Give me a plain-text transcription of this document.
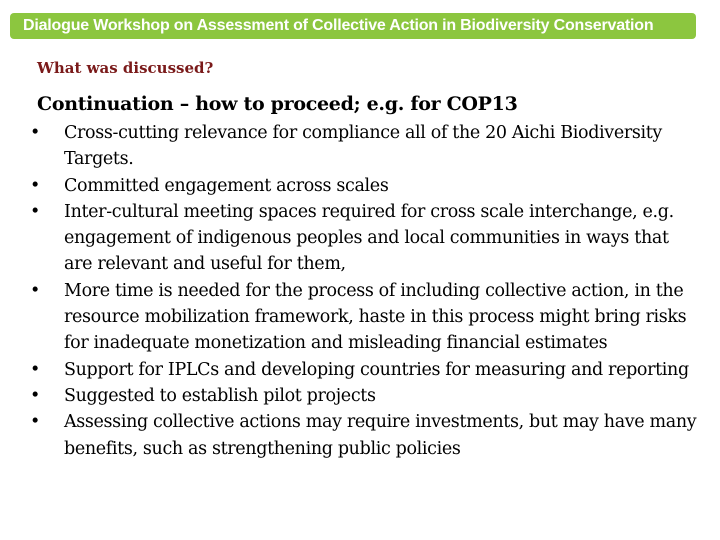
Dialogue Workshop on Assessment of Collective Action in Biodiversity Conservation
What was discussed?
Continuation – how to proceed; e.g. for COP13
• Cross-cutting relevance for compliance all of the 20 Aichi Biodiversity Targets.
• Committed engagement across scales
• Inter-cultural meeting spaces required for cross scale interchange, e.g. engagement of indigenous peoples and local communities in ways that are relevant and useful for them,
• More time is needed for the process of including collective action, in the resource mobilization framework, haste in this process might bring risks for inadequate monetization and misleading financial estimates
• Support for IPLCs and developing countries for measuring and reporting
• Suggested to establish pilot projects
• Assessing collective actions may require investments, but may have many benefits, such as strengthening public policies
